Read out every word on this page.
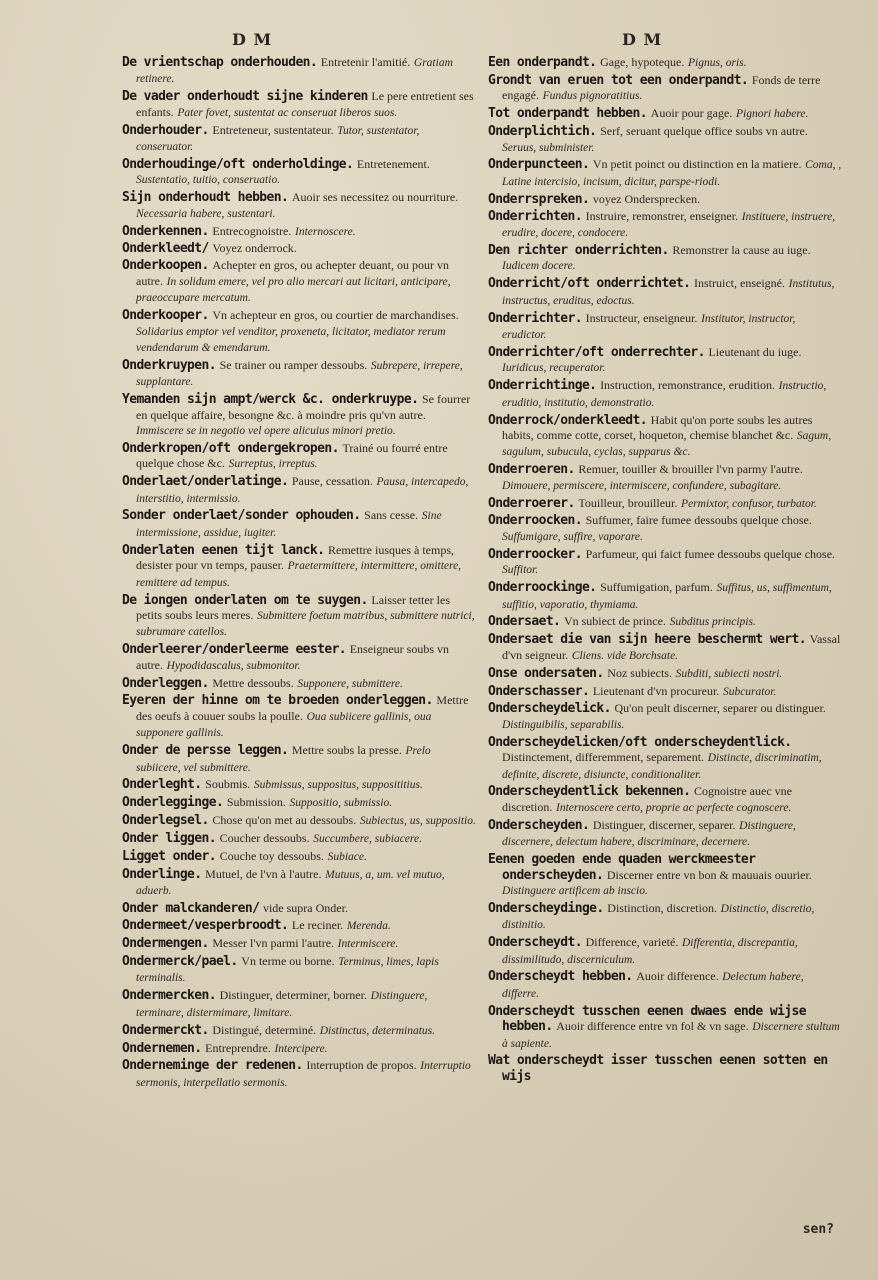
D M	D M

De vrientschap onderhouden. Entretenir l'amitié. Gratiam retinere.

De vader onderhoudt sijne kinderen Le pere entretient ses enfants. Pater fovet, sustentat ac conseruat liberos suos.

Onderhouder. Entreteneur, sustentateur. Tutor, sustentator, conseruator.

Onderhoudinge/oft onderholdinge. Entretenement. Sustentatio, tuitio, conseruatio.

Sijn onderhoudt hebben. Auoir ses necessitez ou nourriture. Necessaria habere, sustentari.

Onderkennen. Entrecognoistre. Internoscere.

Onderkleedt/ Voyez onderrock.

Onderkoopen. Achepter en gros, ou achepter deuant, ou pour vn autre. In solidum emere, vel pro alio mercari aut licitari, anticipare, praeoccupare mercatum.

Onderkooper. Vn achepteur en gros, ou courtier de marchandises. Solidarius emptor vel venditor, proxeneta, licitator, mediator rerum vendendarum & emendarum.

Onderkruypen. Se trainer ou ramper dessoubs. Subrepere, irrepere, supplantare.

Yemanden sijn ampt/werck &c. onderkruype. Se fourrer en quelque affaire, besongne &c. à moindre pris qu'vn autre. Immiscere se in negotio vel opere alicuius minori pretio.

Onderkropen/oft ondergekropen. Trainé ou fourré entre quelque chose &c. Surreptus, irreptus.

Onderlaet/onderlatinge. Pause, cessation. Pausa, intercapedo, interstitio, intermissio.

Sonder onderlaet/sonder ophouden. Sans cesse. Sine intermissione, assidue, iugiter.

Onderlaten eenen tijt lanck. Remettre iusques à temps, desister pour vn temps, pauser. Praetermittere, intermittere, omittere, remittere ad tempus.

De iongen onderlaten om te suygen. Laisser tetter les petits soubs leurs meres. Submittere foetum matribus, submittere nutrici, subrumare catellos.

Onderleerer/onderleerme eester. Enseigneur soubs vn autre. Hypodidascalus, submonitor.

Onderleggen. Mettre dessoubs. Supponere, submittere.

Eyeren der hinne om te broeden onderleggen. Mettre des oeufs à couuer soubs la poulle. Oua subiicere gallinis, oua supponere gallinis.

Onder de persse leggen. Mettre soubs la presse. Prelo subiicere, vel submittere.

Onderleght. Soubmis. Submissus, suppositus, supposititius.

Onderlegginge. Submission. Suppositio, submissio.

Onderlegsel. Chose qu'on met au dessoubs. Subiectus, us, suppositio.

Onder liggen. Coucher dessoubs. Succumbere, subiacere.

Ligget onder. Couche toy dessoubs. Subiace.

Onderlinge. Mutuel, de l'vn à l'autre. Mutuus, a, um. vel mutuo, aduerb.

Onder malckanderen/ vide supra Onder.

Ondermeet/vesperbroodt. Le reciner. Merenda.

Ondermengen. Messer l'vn parmi l'autre. Intermiscere.

Ondermerck/pael. Vn terme ou borne. Terminus, limes, lapis terminalis.

Ondermercken. Distinguer, determiner, borner. Distinguere, terminare, distermimare, limitare.

Ondermerckt. Distingué, determiné. Distinctus, determinatus.

Ondernemen. Entreprendre. Intercipere.

Onderneminge der redenen. Interruption de propos. Interruptio sermonis, interpellatio sermonis.

Een onderpandt. Gage, hypoteque. Pignus, oris.

Grondt van eruen tot een onderpandt. Fonds de terre engagé. Fundus pignoratitius.

Tot onderpandt hebben. Auoir pour gage. Pignori habere.

Onderplichtich. Serf, seruant quelque office soubs vn autre. Seruus, subminister.

Onderpuncteen. Vn petit poinct ou distinction en la matiere. Coma, , Latine intercisio, incisum, dicitur, parspe-riodi.

Onderrspreken. voyez Ondersprecken.

Onderrichten. Instruire, remonstrer, enseigner. Instituere, instruere, erudire, docere, condocere.

Den richter onderrichten. Remonstrer la cause au iuge. Iudicem docere.

Onderricht/oft onderrichtet. Instruict, enseigné. Institutus, instructus, eruditus, edoctus.

Onderrichter. Instructeur, enseigneur. Institutor, instructor, erudictor.

Onderrichter/oft onderrechter. Lieutenant du iuge. Iuridicus, recuperator.

Onderrichtinge. Instruction, remonstrance, erudition. Instructio, eruditio, institutio, demonstratio.

Onderrock/onderkleedt. Habit qu'on porte soubs les autres habits, comme cotte, corset, hoqueton, chemise blanchet &c. Sagum, sagulum, subucula, cyclas, supparus &c.

Onderroeren. Remuer, touiller & brouiller l'vn parmy l'autre. Dimouere, permiscere, intermiscere, confundere, subagitare.

Onderroerer. Touilleur, brouilleur. Permixtor, confusor, turbator.

Onderroocken. Suffumer, faire fumee dessoubs quelque chose. Suffumigare, suffire, vaporare.

Onderroocker. Parfumeur, qui faict fumee dessoubs quelque chose. Suffitor.

Onderroockinge. Suffumigation, parfum. Suffitus, us, suffimentum, suffitio, vaporatio, thymiama.

Ondersaet. Vn subiect de prince. Subditus principis.

Ondersaet die van sijn heere beschermt wert. Vassal d'vn seigneur. Cliens. vide Borchsate.

Onse ondersaten. Noz subiects. Subditi, subiecti nostri.

Onderschasser. Lieutenant d'vn procureur. Subcurator.

Onderscheydelick. Qu'on peult discerner, separer ou distinguer. Distinguibilis, separabilis.

Onderscheydelicken/oft onderscheydentlick. Distinctement, differemment, separement. Distincte, discriminatim, definite, discrete, disiuncte, conditionaliter.

Onderscheydentlick bekennen. Cognoistre auec vne discretion. Internoscere certo, proprie ac perfecte cognoscere.

Onderscheyden. Distinguer, discerner, separer. Distinguere, discernere, delectum habere, discriminare, decernere.

Eenen goeden ende quaden werckmeester onderscheyden. Discerner entre vn bon & mauuais ouurier. Distinguere artificem ab inscio.

Onderscheydinge. Distinction, discretion. Distinctio, discretio, distinitio.

Onderscheydt. Difference, varieté. Differentia, discrepantia, dissimilitudo, discerniculum.

Onderscheydt hebben. Auoir difference. Delectum habere, differre.

Onderscheydt tusschen eenen dwaes ende wijse hebben. Auoir difference entre vn fol & vn sage. Discernere stultum à sapiente.

Wat onderscheydt isser tusschen eenen sotten en wijs

sen?
